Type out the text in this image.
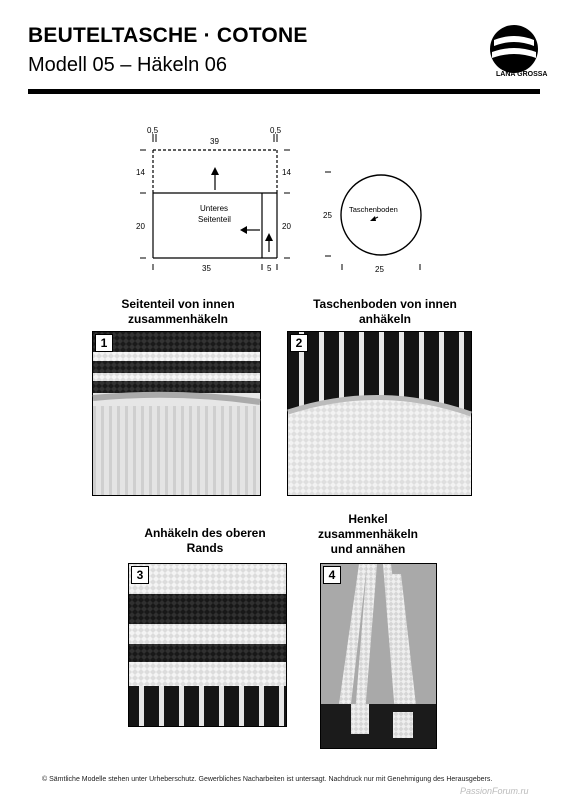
BEUTELTASCHE · COTONE
Modell 05 – Häkeln 06	LANA GROSSA
0,5
39
0,5
14	14
20	20
35	5
Unteres
Seitenteil	25
25
Taschenboden
Seitenteil von innen zusammenhäkeln
Taschenboden von innen anhäkeln
Anhäkeln des oberen Rands
Henkel zusammenhäkeln und annähen
1	2
3	4
© Sämtliche Modelle stehen unter Urheberschutz. Gewerbliches Nacharbeiten ist untersagt. Nachdruck nur mit Genehmigung des Herausgebers.
PassionForum.ru
